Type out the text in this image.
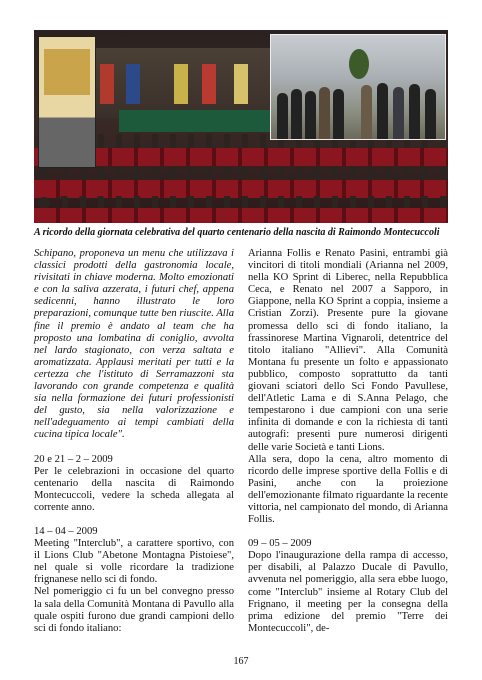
A ricordo della giornata celebrativa del quarto centenario della nascita di Raimondo Montecuccoli

Schipano, proponeva un menu che utilizzava i classici prodotti della gastronomia locale, rivisitati in chiave moderna. Molto emozionati e con la saliva azzerata, i futuri chef, appena sedicenni, hanno illustrato le loro preparazioni, comunque tutte ben riuscite. Alla fine il premio è andato al team che ha proposto una lombatina di coniglio, avvolta nel lardo stagionato, con verza saltata e aromatizzata. Applausi meritati per tutti e la certezza che l'istituto di Serramazzoni sta lavorando con grande competenza e qualità sia nella formazione dei futuri professionisti del gusto, sia nella valorizzazione e nell'adeguamento ai tempi cambiati della cucina tipica locale".

20 e 21 – 2 – 2009

Per le celebrazioni in occasione del quarto centenario della nascita di Raimondo Montecuccoli, vedere la scheda allegata al corrente anno.

14 – 04 – 2009

Meeting "Interclub", a carattere sportivo, con il Lions Club "Abetone Montagna Pistoiese", nel quale si volle ricordare la tradizione frignanese nello sci di fondo.

Nel pomeriggio ci fu un bel convegno presso la sala della Comunità Montana di Pavullo alla quale ospiti furono due grandi campioni dello sci di fondo italiano:

Arianna Follis e Renato Pasini, entrambi già vincitori di titoli mondiali (Arianna nel 2009, nella KO Sprint di Liberec, nella Repubblica Ceca, e Renato nel 2007 a Sapporo, in Giappone, nella KO Sprint a coppia, insieme a Cristian Zorzi). Presente pure la giovane promessa dello sci di fondo italiano, la frassinorese Martina Vignaroli, detentrice del titolo italiano "Allievi". Alla Comunità Montana fu presente un folto e appassionato pubblico, composto soprattutto da tanti giovani sciatori dello Sci Fondo Pavullese, dell'Atletic Lama e di S.Anna Pelago, che tempestarono i due campioni con una serie infinita di domande e con la richiesta di tanti autografi: presenti pure numerosi dirigenti delle varie Società e tanti Lions.

Alla sera, dopo la cena, altro momento di ricordo delle imprese sportive della Follis e di Pasini, anche con la proiezione dell'emozionante filmato riguardante la recente vittoria, nel campionato del mondo, di Arianna Follis.

09 – 05 – 2009

Dopo l'inaugurazione della rampa di accesso, per disabili, al Palazzo Ducale di Pavullo, avvenuta nel pomeriggio, alla sera ebbe luogo, come "Interclub" insieme al Rotary Club del Frignano, il meeting per la consegna della prima edizione del premio "Terre dei Montecuccoli", de-

167
